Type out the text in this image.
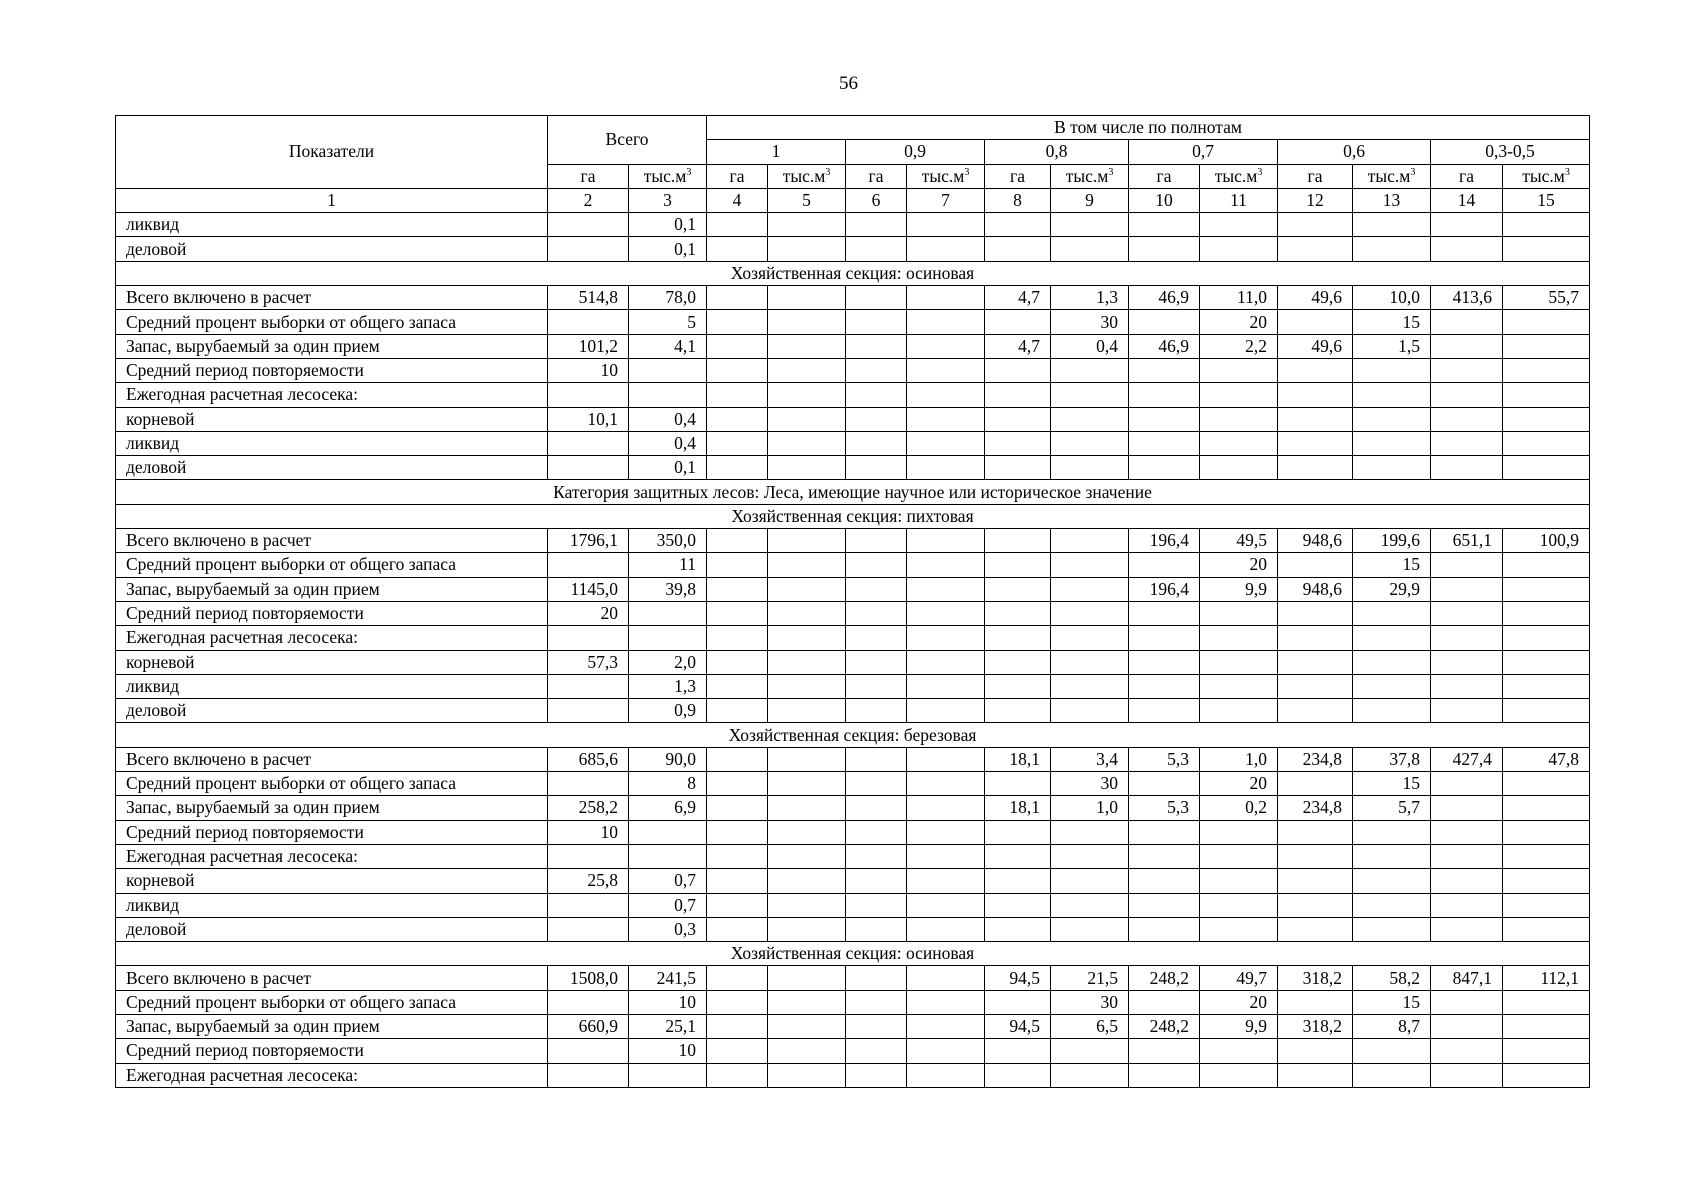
56
Показатели	Всего		В том числе по полнотам											
			1		0,9		0,8		0,7		0,6		0,3-0,5	
	га	$тыс.м^3$	га	$тыс.м^3$	га	$тыс.м^3$	га	$тыс.м^3$	га	$тыс.м^3$	га	$тыс.м^3$	га	$тыс.м^3$
1	2	3	4	5	6	7	8	9	10	11	12	13	14	15
ликвид		0,1												
деловой		0,1												
Хозяйственная секция: осиновая														
Всего включено в расчет	514,8	78,0					4,7	1,3	46,9	11,0	49,6	10,0	413,6	55,7
Средний процент выборки от общего запаса		5						30		20		15		
Запас, вырубаемый за один прием	101,2	4,1					4,7	0,4	46,9	2,2	49,6	1,5		
Средний период повторяемости	10													
Ежегодная расчетная лесосека:														
корневой	10,1	0,4												
ликвид		0,4												
деловой		0,1												
Категория защитных лесов: Леса, имеющие научное или историческое значение														
Хозяйственная секция: пихтовая														
Всего включено в расчет	1796,1	350,0							196,4	49,5	948,6	199,6	651,1	100,9
Средний процент выборки от общего запаса		11								20		15		
Запас, вырубаемый за один прием	1145,0	39,8							196,4	9,9	948,6	29,9		
Средний период повторяемости	20													
Ежегодная расчетная лесосека:														
корневой	57,3	2,0												
ликвид		1,3												
деловой		0,9												
Хозяйственная секция: березовая														
Всего включено в расчет	685,6	90,0					18,1	3,4	5,3	1,0	234,8	37,8	427,4	47,8
Средний процент выборки от общего запаса		8						30		20		15		
Запас, вырубаемый за один прием	258,2	6,9					18,1	1,0	5,3	0,2	234,8	5,7		
Средний период повторяемости	10													
Ежегодная расчетная лесосека:														
корневой	25,8	0,7												
ликвид		0,7												
деловой		0,3												
Хозяйственная секция: осиновая														
Всего включено в расчет	1508,0	241,5					94,5	21,5	248,2	49,7	318,2	58,2	847,1	112,1
Средний процент выборки от общего запаса		10						30		20		15		
Запас, вырубаемый за один прием	660,9	25,1					94,5	6,5	248,2	9,9	318,2	8,7		
Средний период повторяемости		10												
Ежегодная расчетная лесосека:														
